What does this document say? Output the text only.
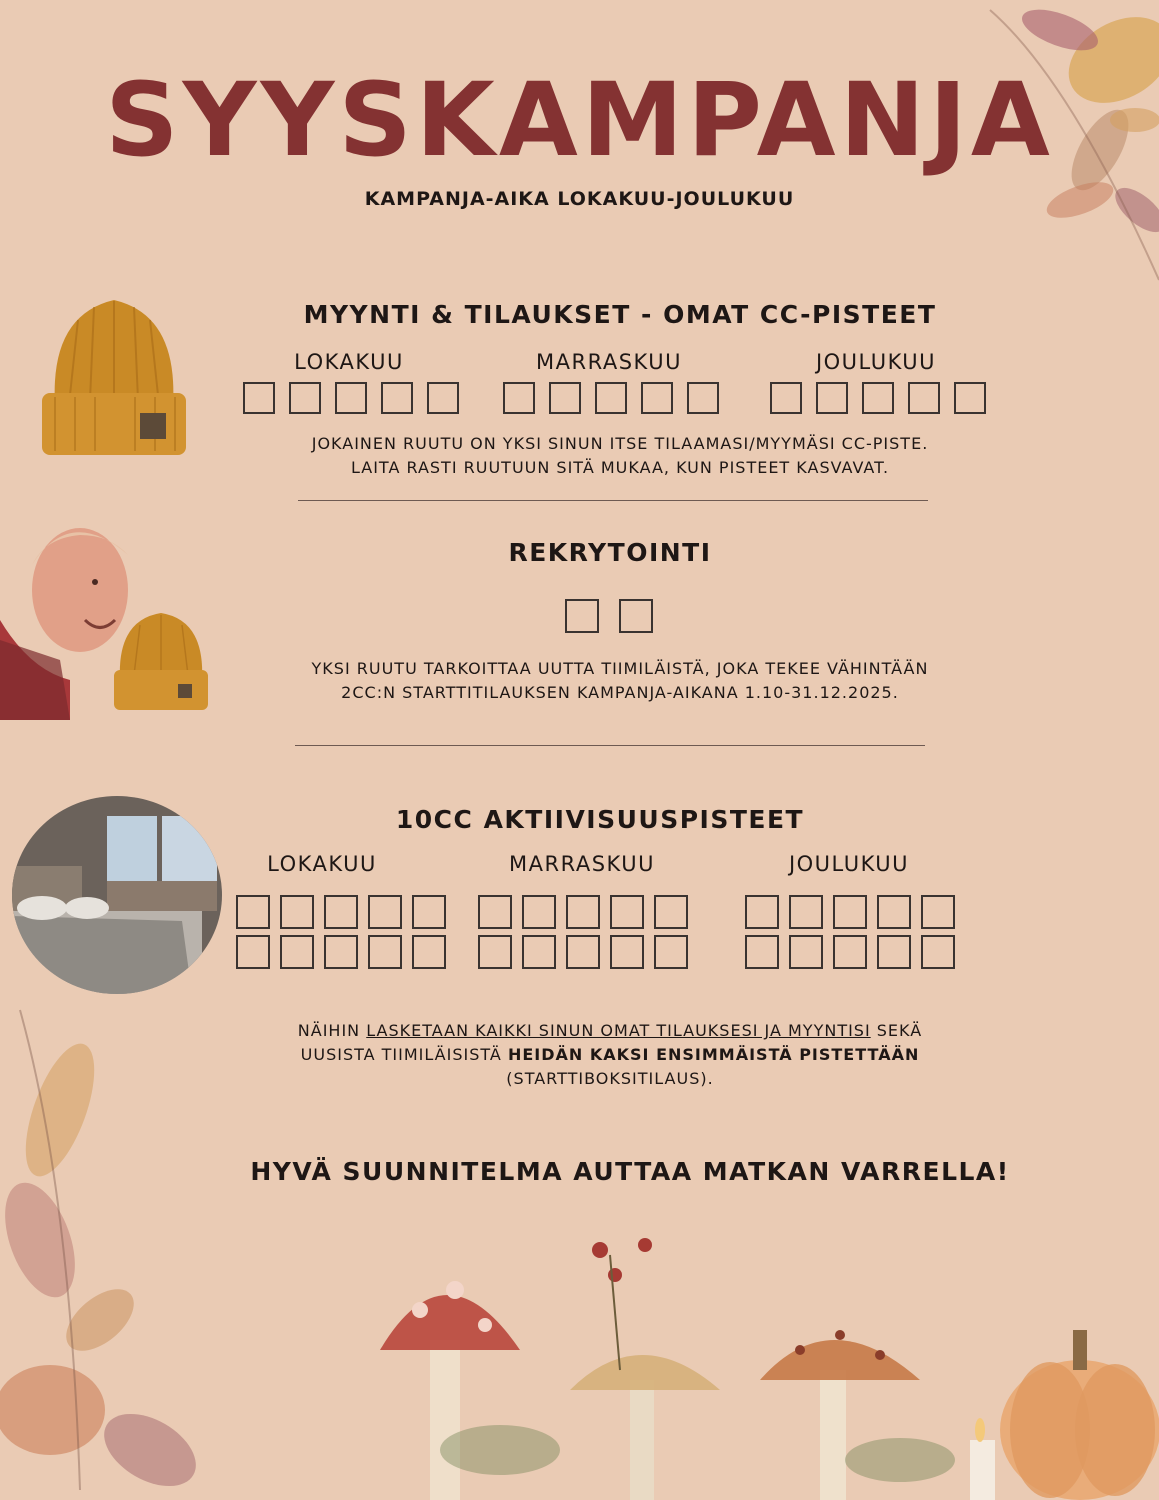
SYYSKAMPANJA
KAMPANJA-AIKA LOKAKUU-JOULUKUU
MYYNTI & TILAUKSET - OMAT CC-PISTEET
LOKAKUU	MARRASKUU	JOULUKUU
JOKAINEN RUUTU ON YKSI SINUN ITSE TILAAMASI/MYYMÄSI CC-PISTE.
LAITA RASTI RUUTUUN SITÄ MUKAA, KUN PISTEET KASVAVAT.
REKRYTOINTI
YKSI RUUTU TARKOITTAA UUTTA TIIMILÄISTÄ, JOKA TEKEE VÄHINTÄÄN
2CC:N STARTTITILAUKSEN KAMPANJA-AIKANA 1.10-31.12.2025.
10CC AKTIIVISUUSPISTEET
LOKAKUU	MARRASKUU	JOULUKUU
NÄIHIN LASKETAAN KAIKKI SINUN OMAT TILAUKSESI JA MYYNTISI SEKÄ
UUSISTA TIIMILÄISISTÄ HEIDÄN KAKSI ENSIMMÄISTÄ PISTETTÄÄN
(STARTTIBOKSITILAUS).
HYVÄ SUUNNITELMA AUTTAA MATKAN VARRELLA!
